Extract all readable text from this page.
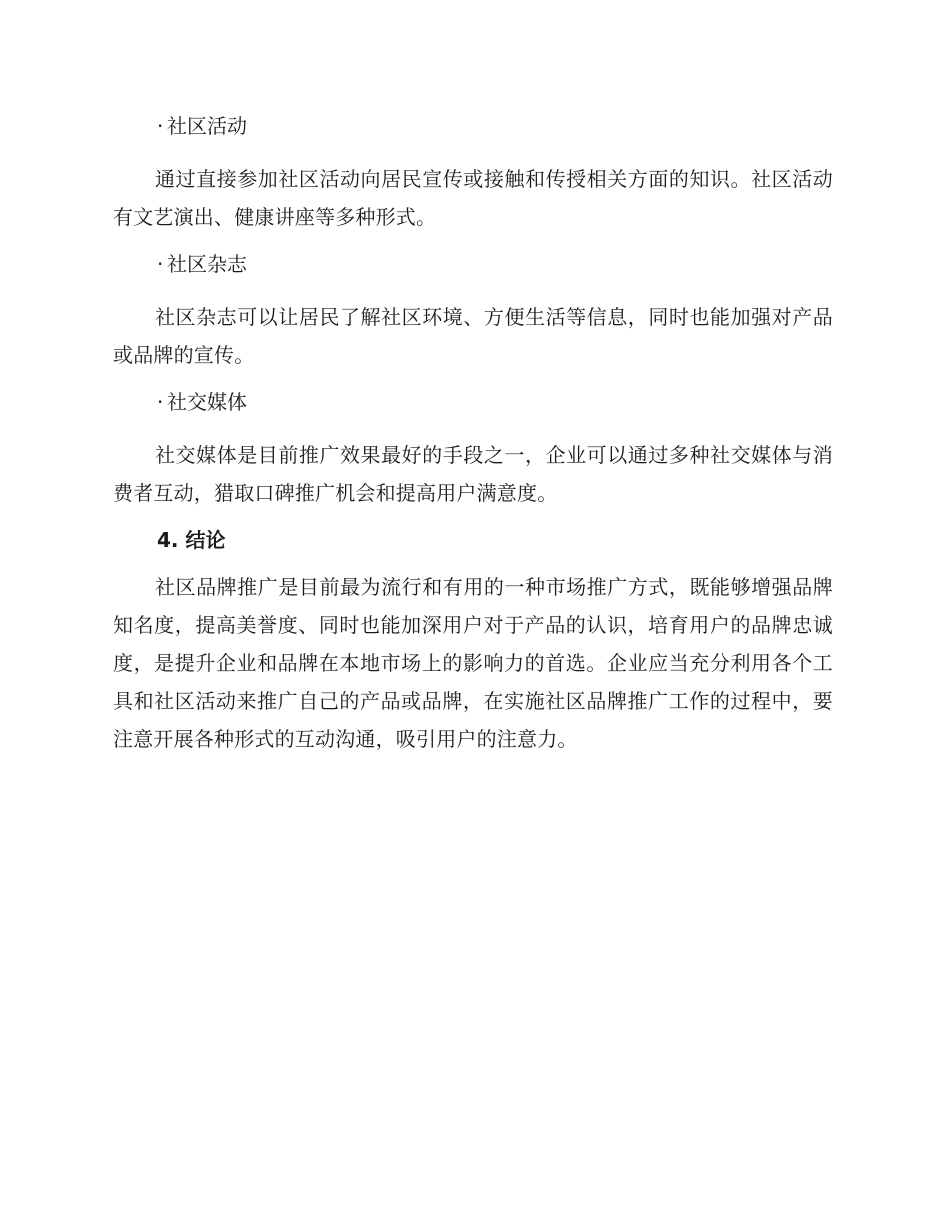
· 社区活动

通过直接参加社区活动向居民宣传或接触和传授相关方面的知识。社区活动有文艺演出、健康讲座等多种形式。

· 社区杂志

社区杂志可以让居民了解社区环境、方便生活等信息，同时也能加强对产品或品牌的宣传。

· 社交媒体

社交媒体是目前推广效果最好的手段之一，企业可以通过多种社交媒体与消费者互动，猎取口碑推广机会和提高用户满意度。

4. 结论

社区品牌推广是目前最为流行和有用的一种市场推广方式，既能够增强品牌知名度，提高美誉度、同时也能加深用户对于产品的认识，培育用户的品牌忠诚度，是提升企业和品牌在本地市场上的影响力的首选。企业应当充分利用各个工具和社区活动来推广自己的产品或品牌，在实施社区品牌推广工作的过程中，要注意开展各种形式的互动沟通，吸引用户的注意力。
